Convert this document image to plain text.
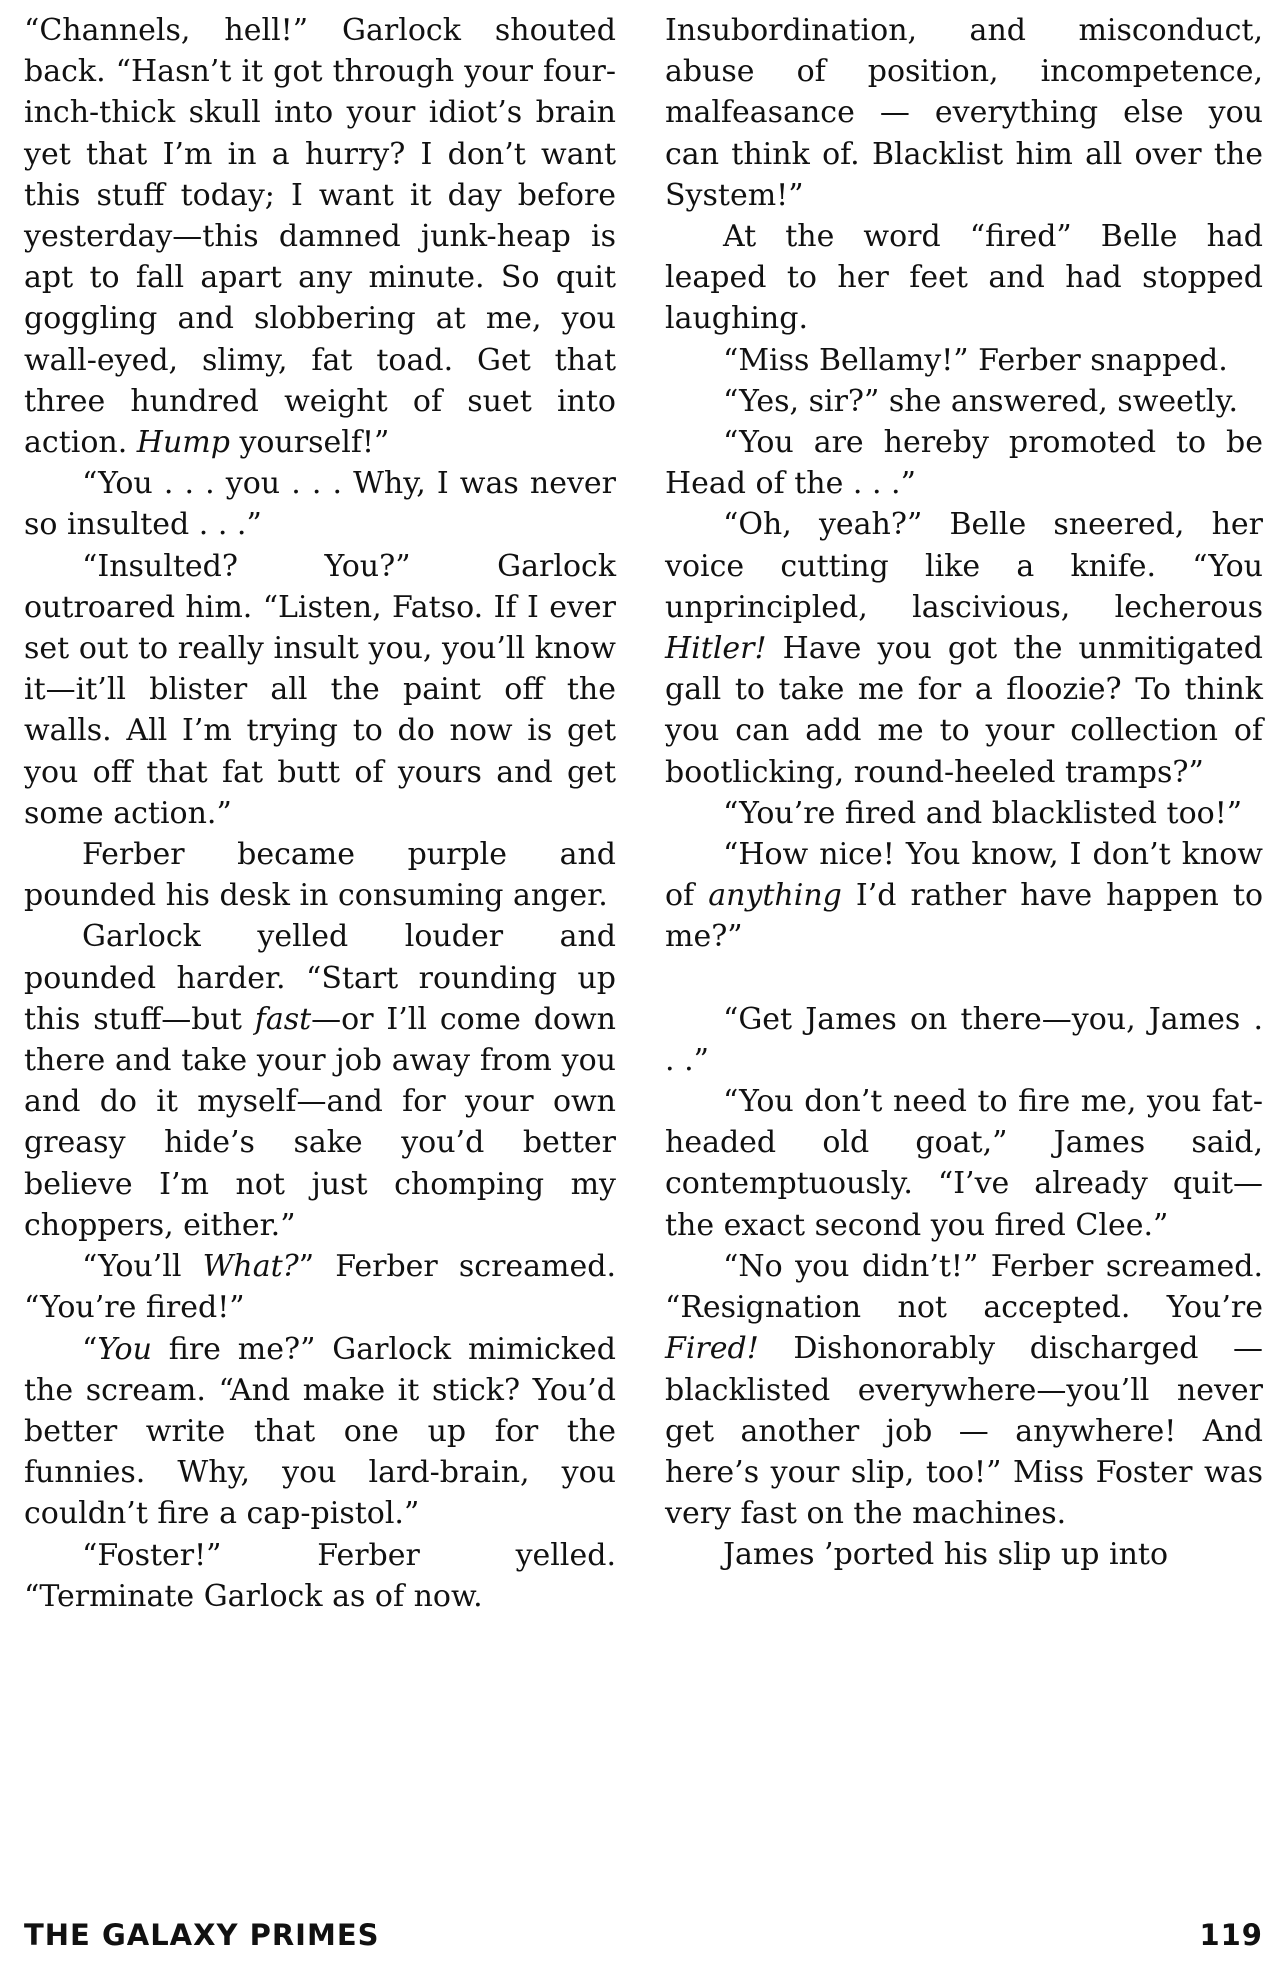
“Channels, hell!” Garlock shouted back. “Hasn’t it got through your four-inch-thick skull into your idiot’s brain yet that I’m in a hurry? I don’t want this stuff today; I want it day before yesterday—this damned junk-heap is apt to fall apart any minute. So quit goggling and slobbering at me, you wall-eyed, slimy, fat toad. Get that three hundred weight of suet into action. Hump yourself!”

“You . . . you . . . Why, I was never so insulted . . .”

“Insulted? You?” Garlock outroared him. “Listen, Fatso. If I ever set out to really insult you, you’ll know it—it’ll blister all the paint off the walls. All I’m trying to do now is get you off that fat butt of yours and get some action.”

Ferber became purple and pounded his desk in consuming anger.

Garlock yelled louder and pounded harder. “Start rounding up this stuff—but fast—or I’ll come down there and take your job away from you and do it myself—and for your own greasy hide’s sake you’d better believe I’m not just chomping my choppers, either.”

“You’ll What?” Ferber screamed. “You’re fired!”

“You fire me?” Garlock mimicked the scream. “And make it stick? You’d better write that one up for the funnies. Why, you lard-brain, you couldn’t fire a cap-pistol.”

“Foster!” Ferber yelled. “Terminate Garlock as of now.

Insubordination, and misconduct, abuse of position, incompetence, malfeasance — everything else you can think of. Blacklist him all over the System!”

At the word “fired” Belle had leaped to her feet and had stopped laughing.

“Miss Bellamy!” Ferber snapped.

“Yes, sir?” she answered, sweetly.

“You are hereby promoted to be Head of the . . .”

“Oh, yeah?” Belle sneered, her voice cutting like a knife. “You unprincipled, lascivious, lecherous Hitler! Have you got the unmitigated gall to take me for a floozie? To think you can add me to your collection of bootlicking, round-heeled tramps?”

“You’re fired and blacklisted too!”

“How nice! You know, I don’t know of anything I’d rather have happen to me?”

“Get James on there—you, James . . .”

“You don’t need to fire me, you fat-headed old goat,” James said, contemptuously. “I’ve already quit—the exact second you fired Clee.”

“No you didn’t!” Ferber screamed. “Resignation not accepted. You’re Fired! Dishonorably discharged — blacklisted everywhere—you’ll never get another job — anywhere! And here’s your slip, too!” Miss Foster was very fast on the machines.

James ’ported his slip up into

THE GALAXY PRIMES	119
